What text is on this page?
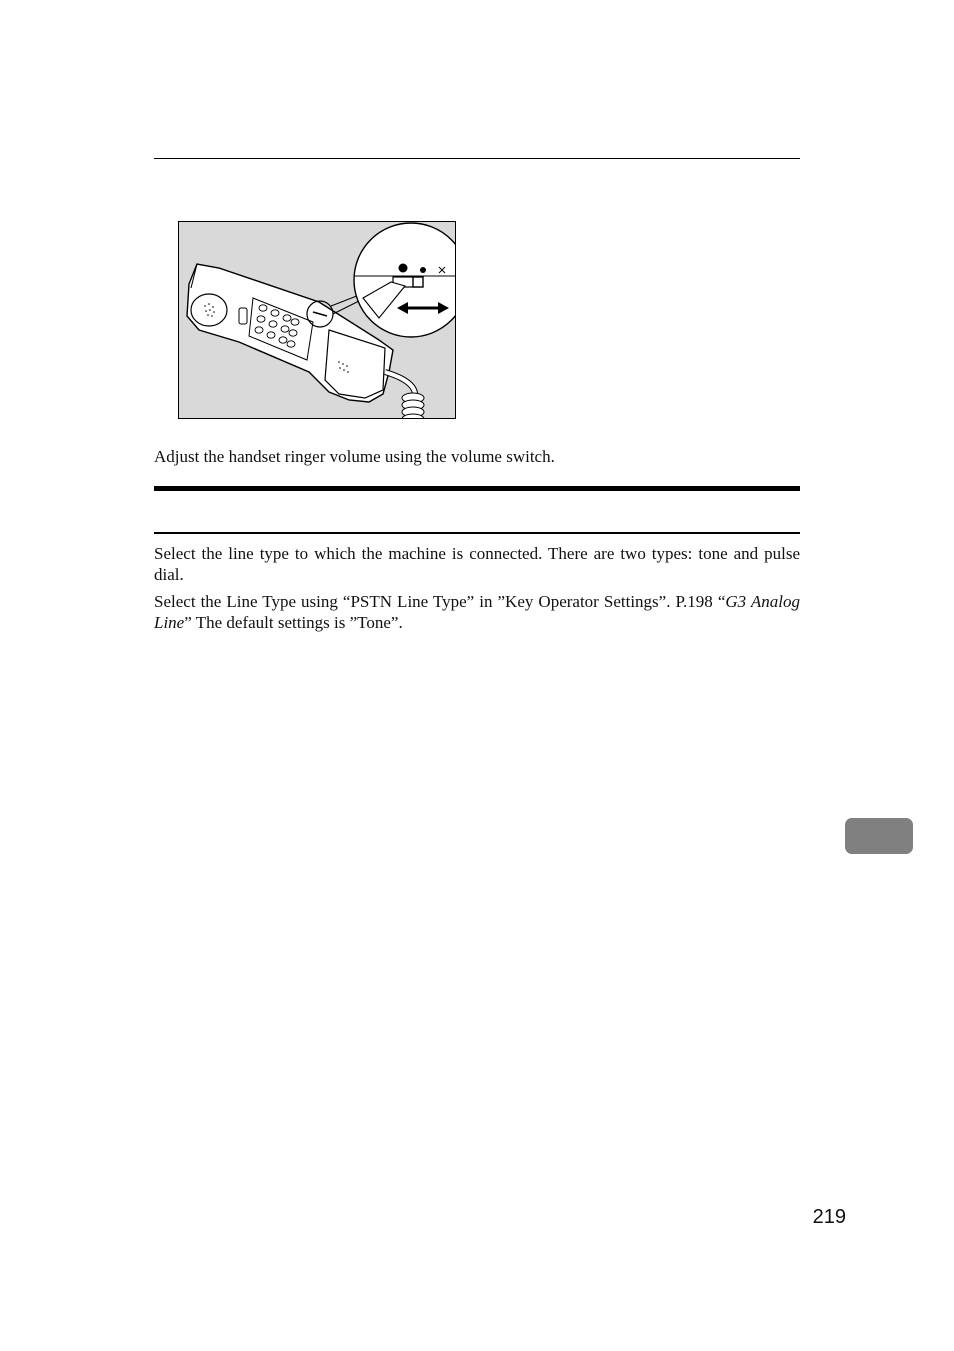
Adjust the handset ringer volume using the volume switch.

Select the line type to which the machine is connected. There are two types: tone and pulse dial.

Select the Line Type using “PSTN Line Type” in ”Key Operator Settings”. P.198 “G3 Analog Line” The default settings is ”Tone”.

219
